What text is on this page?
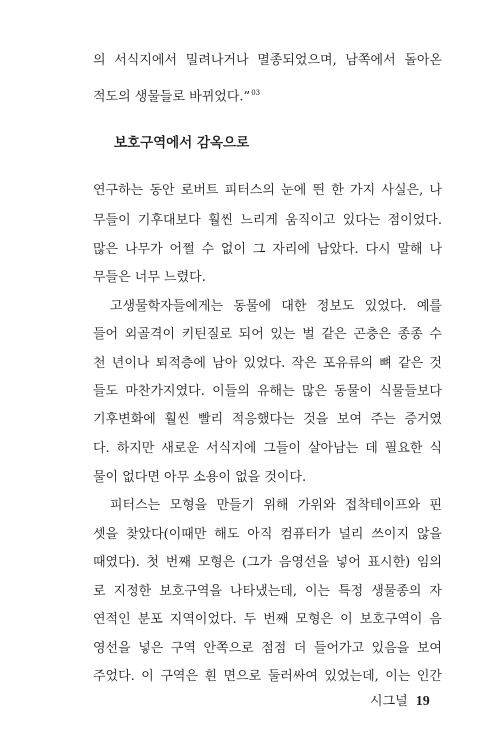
의 서식지에서 밀려나거나 멸종되었으며, 남쪽에서 돌아온
적도의 생물들로 바뀌었다.”$^{03}$
보호구역에서 감옥으로
연구하는 동안 로버트 피터스의 눈에 띈 한 가지 사실은, 나
무들이 기후대보다 훨씬 느리게 움직이고 있다는 점이었다.
많은 나무가 어쩔 수 없이 그 자리에 남았다. 다시 말해 나
무들은 너무 느렸다.
고생물학자들에게는 동물에 대한 정보도 있었다. 예를
들어 외골격이 키틴질로 되어 있는 벌 같은 곤충은 종종 수
천 년이나 퇴적층에 남아 있었다. 작은 포유류의 뼈 같은 것
들도 마찬가지였다. 이들의 유해는 많은 동물이 식물들보다
기후변화에 훨씬 빨리 적응했다는 것을 보여 주는 증거였
다. 하지만 새로운 서식지에 그들이 살아남는 데 필요한 식
물이 없다면 아무 소용이 없을 것이다.
피터스는 모형을 만들기 위해 가위와 접착테이프와 핀
셋을 찾았다(이때만 해도 아직 컴퓨터가 널리 쓰이지 않을
때였다). 첫 번째 모형은 (그가 음영선을 넣어 표시한) 임의
로 지정한 보호구역을 나타냈는데, 이는 특정 생물종의 자
연적인 분포 지역이었다. 두 번째 모형은 이 보호구역이 음
영선을 넣은 구역 안쪽으로 점점 더 들어가고 있음을 보여
주었다. 이 구역은 흰 면으로 둘러싸여 있었는데, 이는 인간
시그널 19
